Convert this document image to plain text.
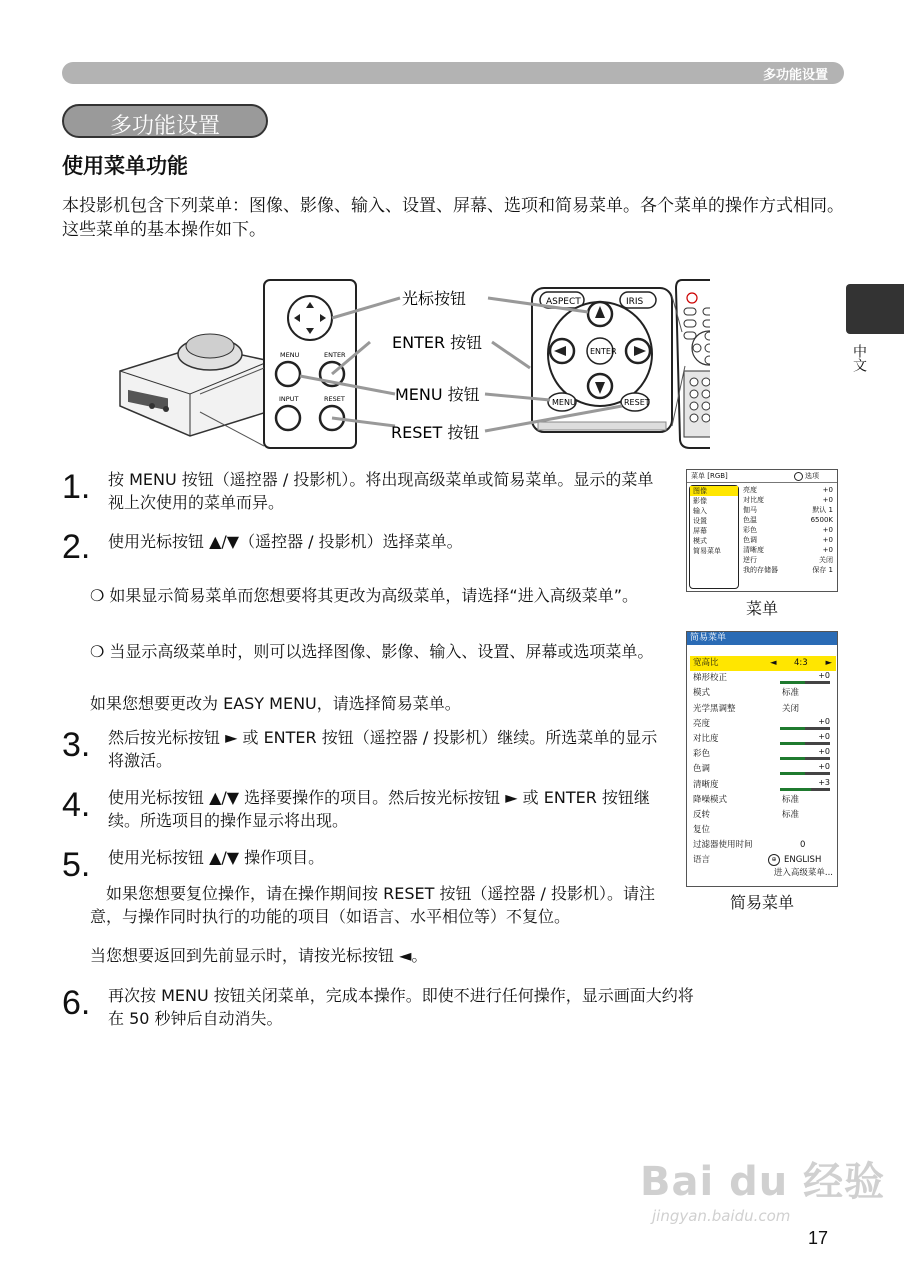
多功能设置
多功能设置
使用菜单功能
本投影机包含下列菜单：图像、影像、输入、设置、屏幕、选项和简易菜单。各个菜单的操作方式相同。这些菜单的基本操作如下。
中文
MENU	ENTER
INPUT	RESET
ASPECT	IRIS
ENTER
MENU	RESET
光标按钮
ENTER 按钮
MENU 按钮
RESET 按钮
1. 按 MENU 按钮（遥控器 / 投影机）。将出现高级菜单或简易菜单。显示的菜单视上次使用的菜单而异。
2. 使用光标按钮 ▲/▼（遥控器 / 投影机）选择菜单。
❍ 如果显示简易菜单而您想要将其更改为高级菜单，请选择“进入高级菜单”。
❍ 当显示高级菜单时，则可以选择图像、影像、输入、设置、屏幕或选项菜单。
如果您想要更改为 EASY MENU，请选择简易菜单。
3. 然后按光标按钮 ► 或 ENTER 按钮（遥控器 / 投影机）继续。所选菜单的显示将激活。
4. 使用光标按钮 ▲/▼ 选择要操作的项目。然后按光标按钮 ► 或 ENTER 按钮继续。所选项目的操作显示将出现。
5. 使用光标按钮 ▲/▼ 操作项目。
如果您想要复位操作，请在操作期间按 RESET 按钮（遥控器 / 投影机）。请注意，与操作同时执行的功能的项目（如语言、水平相位等）不复位。
当您想要返回到先前显示时，请按光标按钮 ◄。
6. 再次按 MENU 按钮关闭菜单，完成本操作。即使不进行任何操作，显示画面大约将在 50 秒钟后自动消失。
菜单 [RGB]	选项
图像
影像
输入
设置
屏幕
模式
简易菜单
亮度	+0
对比度	+0
伽马	默认 1
色温	6500K
彩色	+0
色调	+0
清晰度	+0
逆行	关闭
我的存储器	保存 1
菜单
简易菜单
宽高比	◄ 4:3 ►
梯形校正	+0
模式	标准
光学黑调整	关闭
亮度	+0
对比度	+0
彩色	+0
色调	+0
清晰度	+3
降噪模式	标准
反转	标准
复位
过滤器使用时间	0
语言	⊕ ENGLISH
进入高级菜单...
简易菜单
Bai du 经验
jingyan.baidu.com
17
